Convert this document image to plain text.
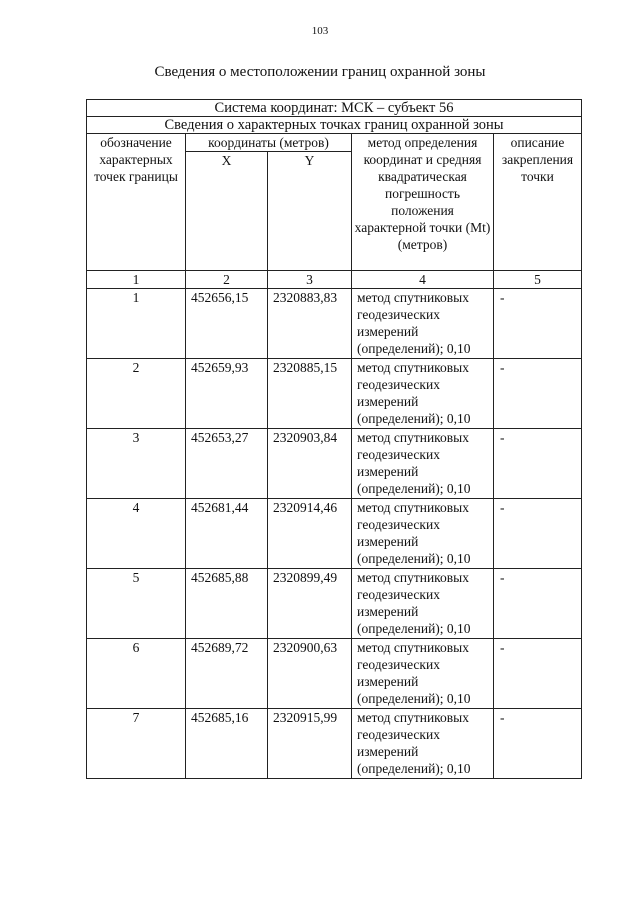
103
Сведения о местоположении границ охранной зоны
Система координат: МСК – субъект 56				
Сведения о характерных точках границ охранной зоны				
обозначение характерных точек границы	координаты (метров)		метод определения координат и средняя квадратическая погрешность положения характерной точки (Mt) (метров)	описание закрепления точки
	X	Y		
1	2	3	4	5
1	452656,15	2320883,83	метод спутниковых геодезических измерений (определений); 0,10	-
2	452659,93	2320885,15	метод спутниковых геодезических измерений (определений); 0,10	-
3	452653,27	2320903,84	метод спутниковых геодезических измерений (определений); 0,10	-
4	452681,44	2320914,46	метод спутниковых геодезических измерений (определений); 0,10	-
5	452685,88	2320899,49	метод спутниковых геодезических измерений (определений); 0,10	-
6	452689,72	2320900,63	метод спутниковых геодезических измерений (определений); 0,10	-
7	452685,16	2320915,99	метод спутниковых геодезических измерений (определений); 0,10	-
